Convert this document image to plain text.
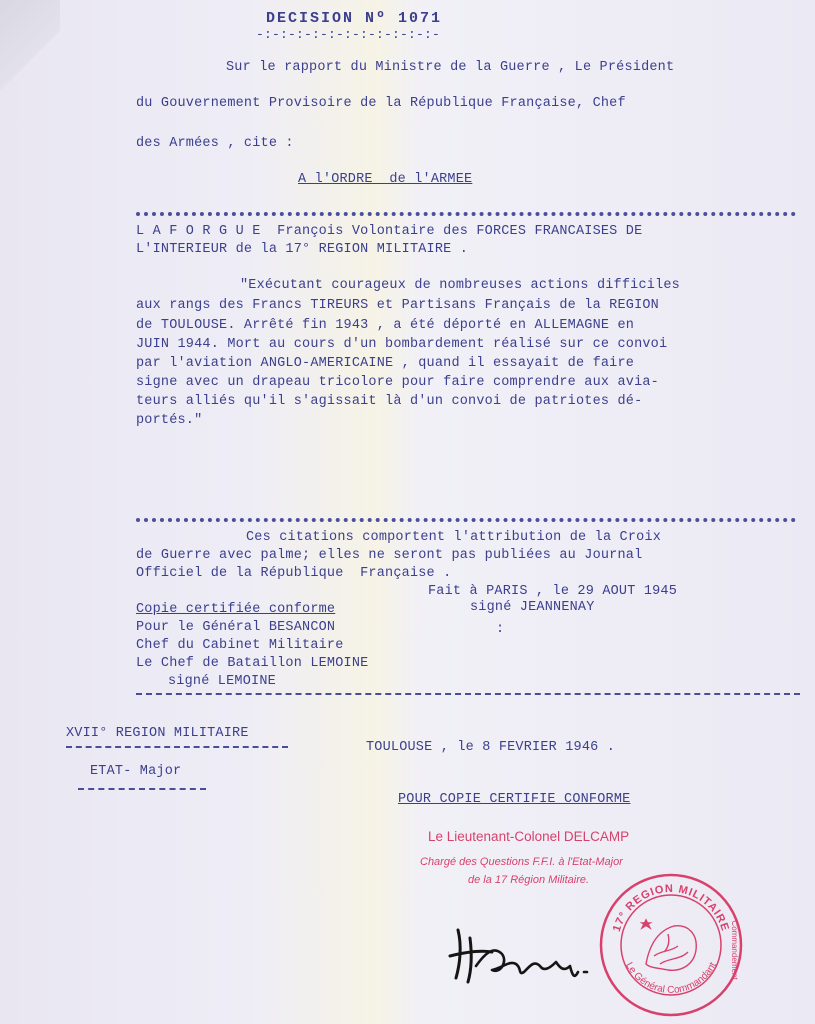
DECISION Nº 1071
-:-:-:-:-:-:-:-:-:-:-:-
Sur le rapport du Ministre de la Guerre , Le Président
du Gouvernement Provisoire de la République Française, Chef
des Armées , cite :
A l'ORDRE  de l'ARMEE
L A F O R G U E  François Volontaire des FORCES FRANCAISES DE
L'INTERIEUR de la 17° REGION MILITAIRE .
"Exécutant courageux de nombreuses actions difficiles
aux rangs des Francs TIREURS et Partisans Français de la REGION
de TOULOUSE. Arrêté fin 1943 , a été déporté en ALLEMAGNE en
JUIN 1944. Mort au cours d'un bombardement réalisé sur ce convoi
par l'aviation ANGLO-AMERICAINE , quand il essayait de faire
signe avec un drapeau tricolore pour faire comprendre aux avia-
teurs alliés qu'il s'agissait là d'un convoi de patriotes dé-
portés."
Ces citations comportent l'attribution de la Croix
de Guerre avec palme; elles ne seront pas publiées au Journal
Officiel de la République  Française .
Fait à PARIS , le 29 AOUT 1945
signé JEANNENAY
:
Copie certifiée conforme
Pour le Général BESANCON
Chef du Cabinet Militaire
Le Chef de Bataillon LEMOINE
signé LEMOINE
XVII° REGION MILITAIRE
ETAT- Major
TOULOUSE , le 8 FEVRIER 1946 .
POUR COPIE CERTIFIE CONFORME
Le Lieutenant-Colonel DELCAMP
Chargé des Questions F.F.I. à l'Etat-Major
de la 17 Région Militaire.
17° REGION MILITAIRE
Le Général Commandant Commandement
